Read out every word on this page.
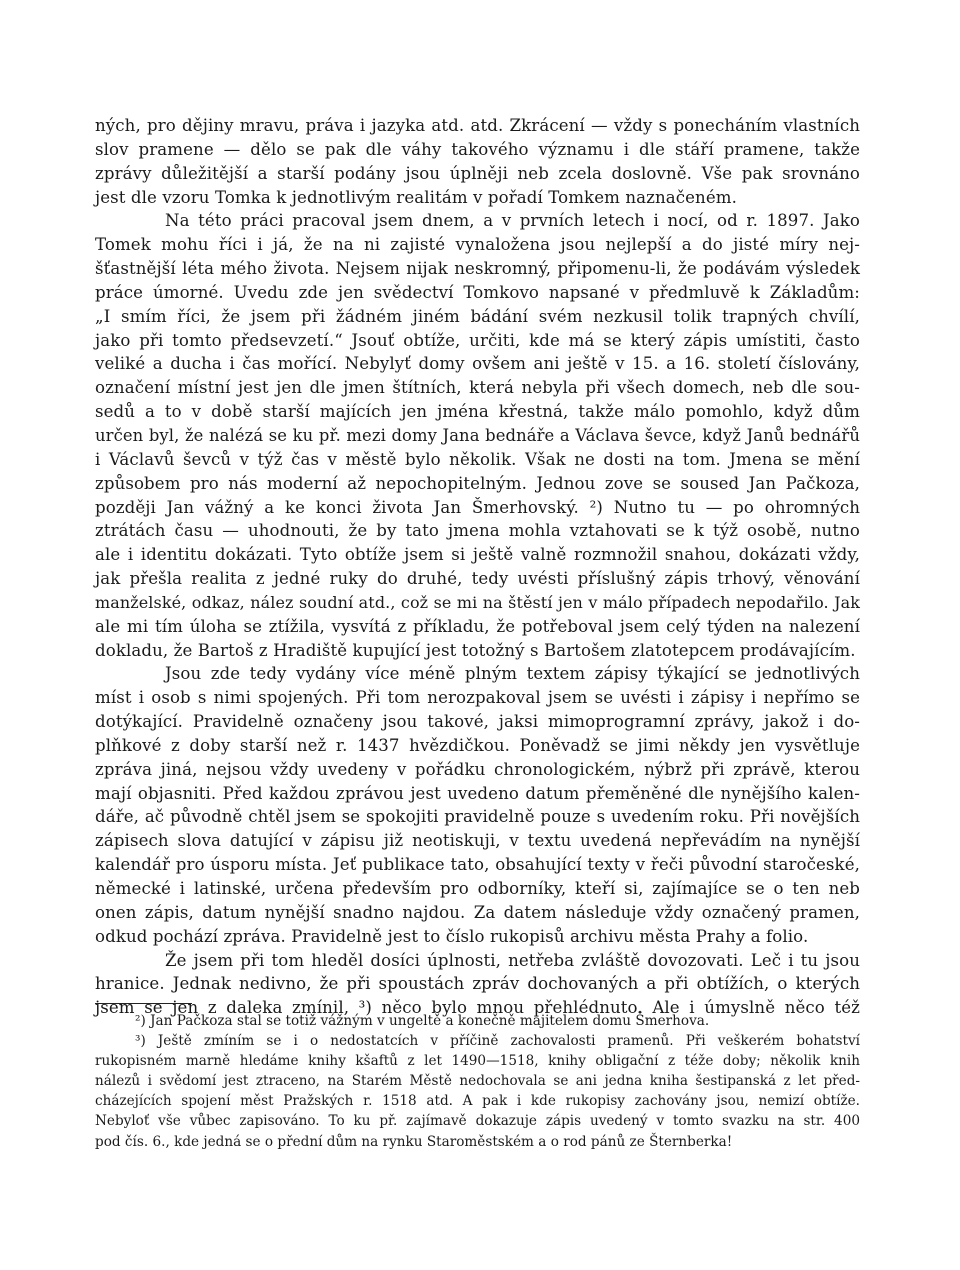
ných, pro dějiny mravu, práva i jazyka atd. atd. Zkrácení — vždy s ponecháním vlastních
slov pramene — dělo se pak dle váhy takového významu i dle stáří pramene, takže
zprávy důležitější a starší podány jsou úplněji neb zcela doslovně. Vše pak srovnáno
jest dle vzoru Tomka k jednotlivým realitám v pořadí Tomkem naznačeném.
Na této práci pracoval jsem dnem, a v prvních letech i nocí, od r. 1897. Jako
Tomek mohu říci i já, že na ni zajisté vynaložena jsou nejlepší a do jisté míry nej-
šťastnější léta mého života. Nejsem nijak neskromný, připomenu-li, že podávám výsledek
práce úmorné. Uvedu zde jen svědectví Tomkovo napsané v předmluvě k Základům:
„I smím říci, že jsem při žádném jiném bádání svém nezkusil tolik trapných chvílí,
jako při tomto předsevzetí.“ Jsouť obtíže, určiti, kde má se který zápis umístiti, často
veliké a ducha i čas mořící. Nebylyť domy ovšem ani ještě v 15. a 16. století číslovány,
označení místní jest jen dle jmen štítních, která nebyla při všech domech, neb dle sou-
sedů a to v době starší majících jen jména křestná, takže málo pomohlo, když dům
určen byl, že nalézá se ku př. mezi domy Jana bednáře a Václava ševce, když Janů bednářů
i Václavů ševců v týž čas v městě bylo několik. Však ne dosti na tom. Jmena se mění
způsobem pro nás moderní až nepochopitelným. Jednou zove se soused Jan Pačkoza,
později Jan vážný a ke konci života Jan Šmerhovský. ²) Nutno tu — po ohromných
ztrátách času — uhodnouti, že by tato jmena mohla vztahovati se k týž osobě, nutno
ale i identitu dokázati. Tyto obtíže jsem si ještě valně rozmnožil snahou, dokázati vždy,
jak přešla realita z jedné ruky do druhé, tedy uvésti příslušný zápis trhový, věnování
manželské, odkaz, nález soudní atd., což se mi na štěstí jen v málo případech nepodařilo. Jak
ale mi tím úloha se ztížila, vysvítá z příkladu, že potřeboval jsem celý týden na nalezení
dokladu, že Bartoš z Hradiště kupující jest totožný s Bartošem zlatotepcem prodávajícím.
Jsou zde tedy vydány více méně plným textem zápisy týkající se jednotlivých
míst i osob s nimi spojených. Při tom nerozpakoval jsem se uvésti i zápisy i nepřímo se
dotýkající. Pravidelně označeny jsou takové, jaksi mimoprogramní zprávy, jakož i do-
plňkové z doby starší než r. 1437 hvězdičkou. Poněvadž se jimi někdy jen vysvětluje
zpráva jiná, nejsou vždy uvedeny v pořádku chronologickém, nýbrž při zprávě, kterou
mají objasniti. Před každou zprávou jest uvedeno datum přeměněné dle nynějšího kalen-
dáře, ač původně chtěl jsem se spokojiti pravidelně pouze s uvedením roku. Při novějších
zápisech slova datující v zápisu již neotiskuji, v textu uvedená nepřevádím na nynější
kalendář pro úsporu místa. Jeť publikace tato, obsahující texty v řeči původní staročeské,
německé i latinské, určena především pro odborníky, kteří si, zajímajíce se o ten neb
onen zápis, datum nynější snadno najdou. Za datem následuje vždy označený pramen,
odkud pochází zpráva. Pravidelně jest to číslo rukopisů archivu města Prahy a folio.
Že jsem při tom hleděl dosíci úplnosti, netřeba zvláště dovozovati. Leč i tu jsou
hranice. Jednak nedivno, že při spoustách zpráv dochovaných a při obtížích, o kterých
jsem se jen z daleka zmínil, ³) něco bylo mnou přehlédnuto. Ale i úmyslně něco též
²) Jan Pačkoza stal se totiž vážným v ungeltě a konečně majitelem domu Šmerhova.
³) Ještě zmíním se i o nedostatcích v příčině zachovalosti pramenů. Při veškerém bohatství
rukopisném marně hledáme knihy kšaftů z let 1490—1518, knihy obligační z téže doby; několik knih
nálezů i svědomí jest ztraceno, na Starém Městě nedochovala se ani jedna kniha šestipanská z let před-
cházejících spojení měst Pražských r. 1518 atd. A pak i kde rukopisy zachovány jsou, nemizí obtíže.
Nebyloť vše vůbec zapisováno. To ku př. zajímavě dokazuje zápis uvedený v tomto svazku na str. 400
pod čís. 6., kde jedná se o přední dům na rynku Staroměstském a o rod pánů ze Šternberka!
